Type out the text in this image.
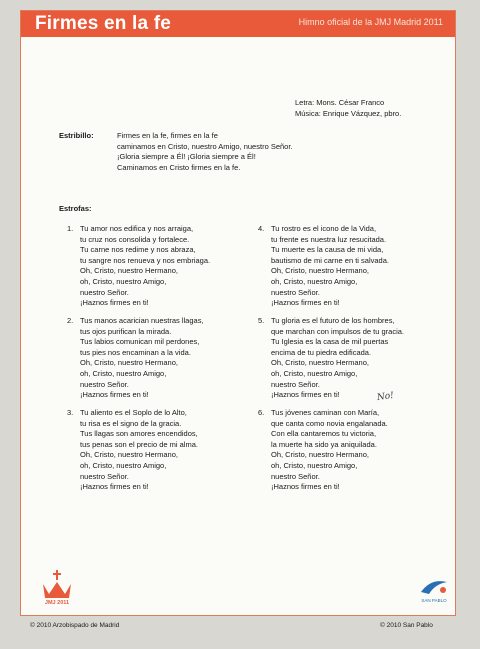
Firmes en la fe	Himno oficial de la JMJ Madrid 2011
Letra: Mons. César Franco
Música: Enrique Vázquez, pbro.
Estribillo:	Firmes en la fe, firmes en la fe
caminamos en Cristo, nuestro Amigo, nuestro Señor.
¡Gloria siempre a Él! ¡Gloria siempre a Él!
Caminamos en Cristo firmes en la fe.
Estrofas:
1. Tu amor nos edifica y nos arraiga,
tu cruz nos consolida y fortalece.
Tu carne nos redime y nos abraza,
tu sangre nos renueva y nos embriaga.
Oh, Cristo, nuestro Hermano,
oh, Cristo, nuestro Amigo,
nuestro Señor.
¡Haznos firmes en ti!
2. Tus manos acarician nuestras llagas,
tus ojos purifican la mirada.
Tus labios comunican mil perdones,
tus pies nos encaminan a la vida.
Oh, Cristo, nuestro Hermano,
oh, Cristo, nuestro Amigo,
nuestro Señor.
¡Haznos firmes en ti!
3. Tu aliento es el Soplo de lo Alto,
tu risa es el signo de la gracia.
Tus llagas son amores encendidos,
tus penas son el precio de mi alma.
Oh, Cristo, nuestro Hermano,
oh, Cristo, nuestro Amigo,
nuestro Señor.
¡Haznos firmes en ti!
4. Tu rostro es el icono de la Vida,
tu frente es nuestra luz resucitada.
Tu muerte es la causa de mi vida,
bautismo de mi carne en ti salvada.
Oh, Cristo, nuestro Hermano,
oh, Cristo, nuestro Amigo,
nuestro Señor.
¡Haznos firmes en ti!
5. Tu gloria es el futuro de los hombres,
que marchan con impulsos de tu gracia.
Tu Iglesia es la casa de mil puertas
encima de tu piedra edificada.
Oh, Cristo, nuestro Hermano,
oh, Cristo, nuestro Amigo,
nuestro Señor.
¡Haznos firmes en ti!
6. Tus jóvenes caminan con María,
que canta como novia engalanada.
Con ella cantaremos tu victoria,
la muerte ha sido ya aniquilada.
Oh, Cristo, nuestro Hermano,
oh, Cristo, nuestro Amigo,
nuestro Señor.
¡Haznos firmes en ti!
No!
JMJ 2011	SAN PABLO
© 2010 Arzobispado de Madrid	© 2010 San Pablo
